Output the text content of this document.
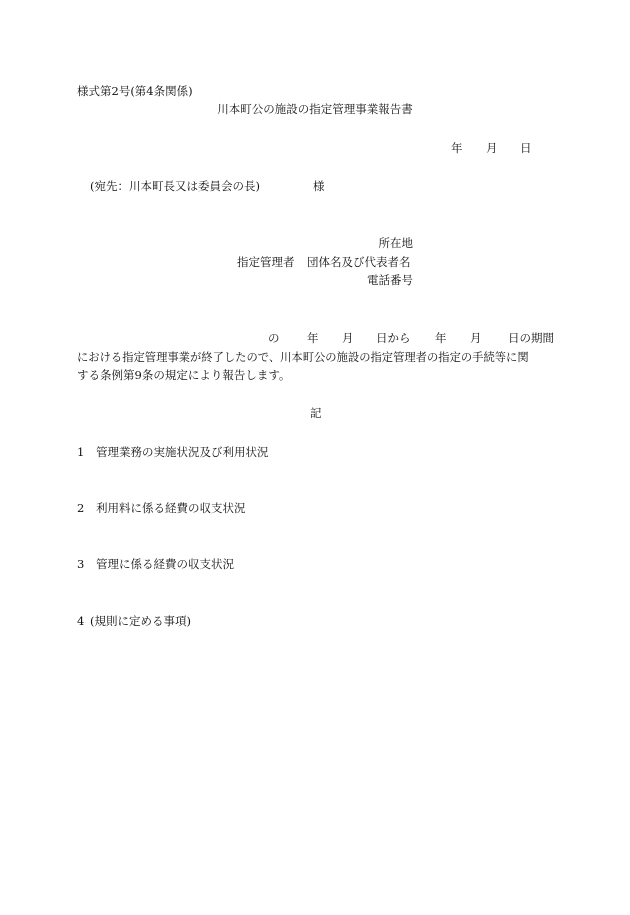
様式第2号(第4条関係)
川本町公の施設の指定管理事業報告書
年 月 日
(宛先：川本町長又は委員会の長)	様
所在地
指定管理者 団体名及び代表者名
電話番号
の 年 月 日から 年 月 日の期間
における指定管理事業が終了したので、川本町公の施設の指定管理者の指定の手続等に関
する条例第9条の規定により報告します。
記
1 管理業務の実施状況及び利用状況
2 利用料に係る経費の収支状況
3 管理に係る経費の収支状況
4 (規則に定める事項)
